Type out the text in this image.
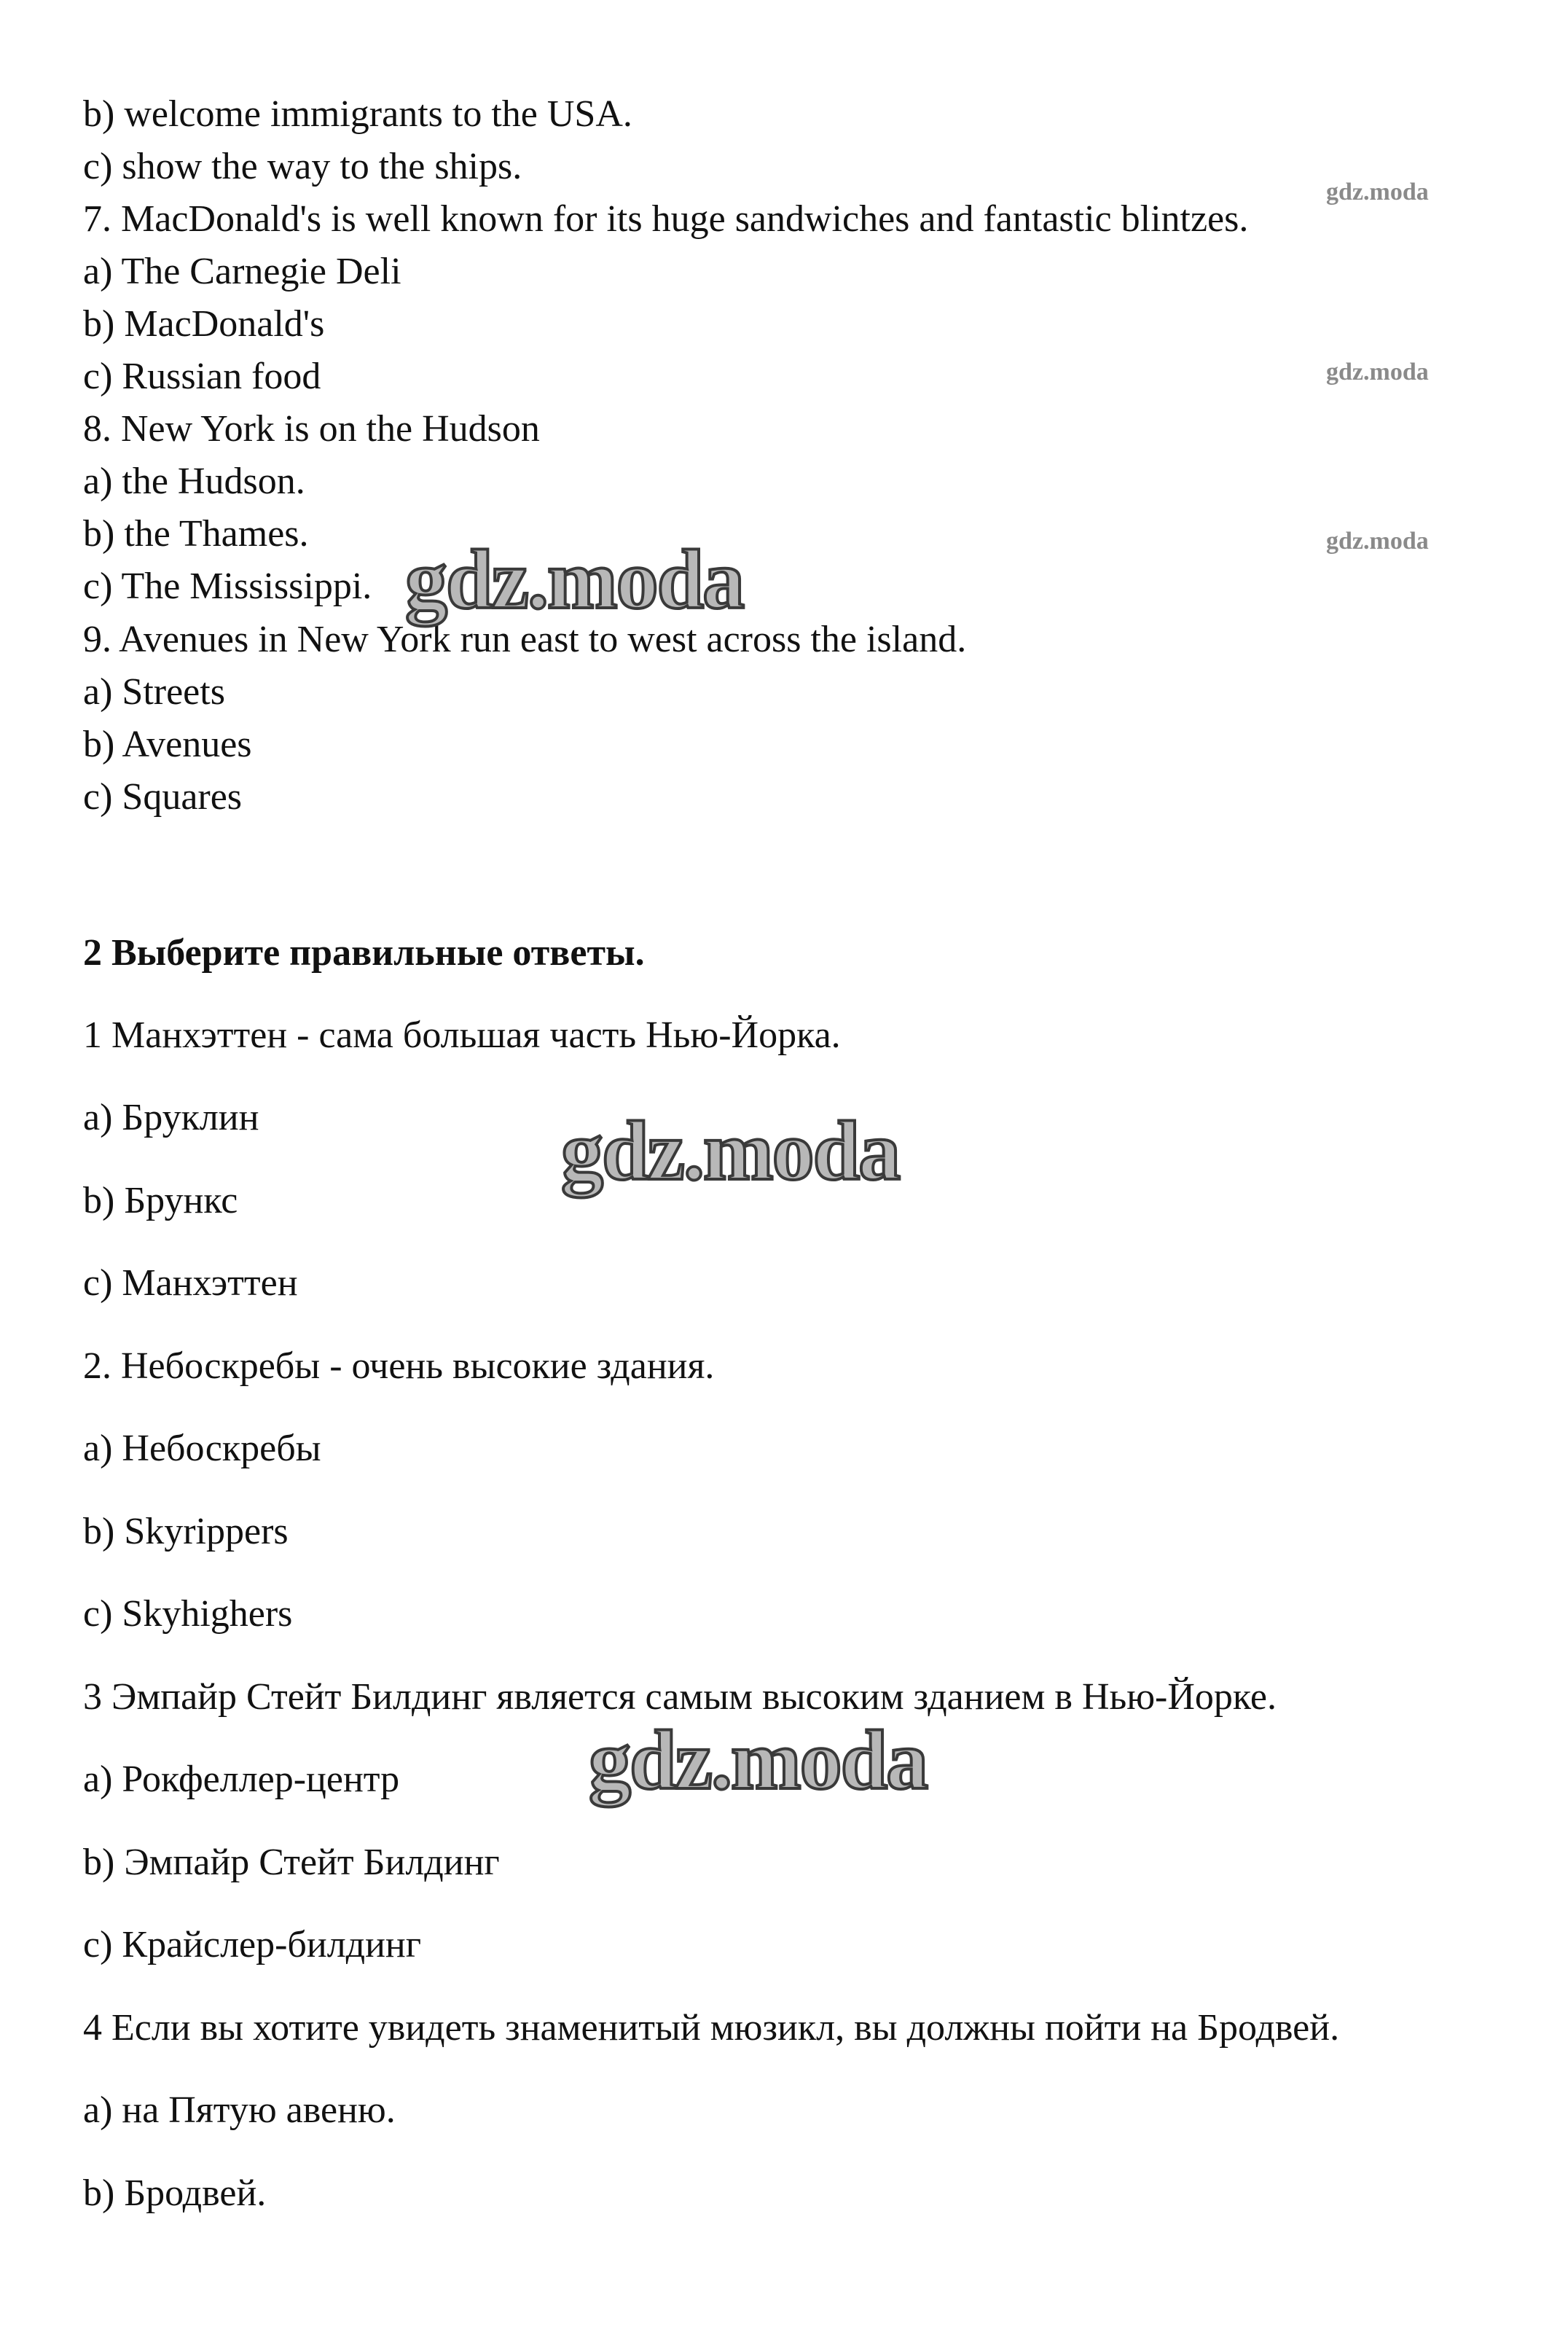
b) welcome immigrants to the USA.
c) show the way to the ships.
7. MacDonald's is well known for its huge sandwiches and fantastic blintzes.
a) The Carnegie Deli
b) MacDonald's
c) Russian food
8. New York is on the Hudson
a) the Hudson.
b) the Thames.
c) The Mississippi.
9. Avenues in New York run east to west across the island.
a) Streets
b) Avenues
c) Squares
2 Выберите правильные ответы.
1 Манхэттен - сама большая часть Нью-Йорка.
a) Бруклин
b) Брункс
c) Манхэттен
2. Небоскребы - очень высокие здания.
a) Небоскребы
b) Skyrippers
c) Skyhighers
3 Эмпайр Стейт Билдинг является самым высоким зданием в Нью-Йорке.
a) Рокфеллер-центр
b) Эмпайр Стейт Билдинг
c) Крайслер-билдинг
4 Если вы хотите увидеть знаменитый мюзикл, вы должны пойти на Бродвей.
a) на Пятую авеню.
b) Бродвей.
gdz.moda
gdz.moda
gdz.moda
gdz.moda
gdz.moda
gdz.moda
